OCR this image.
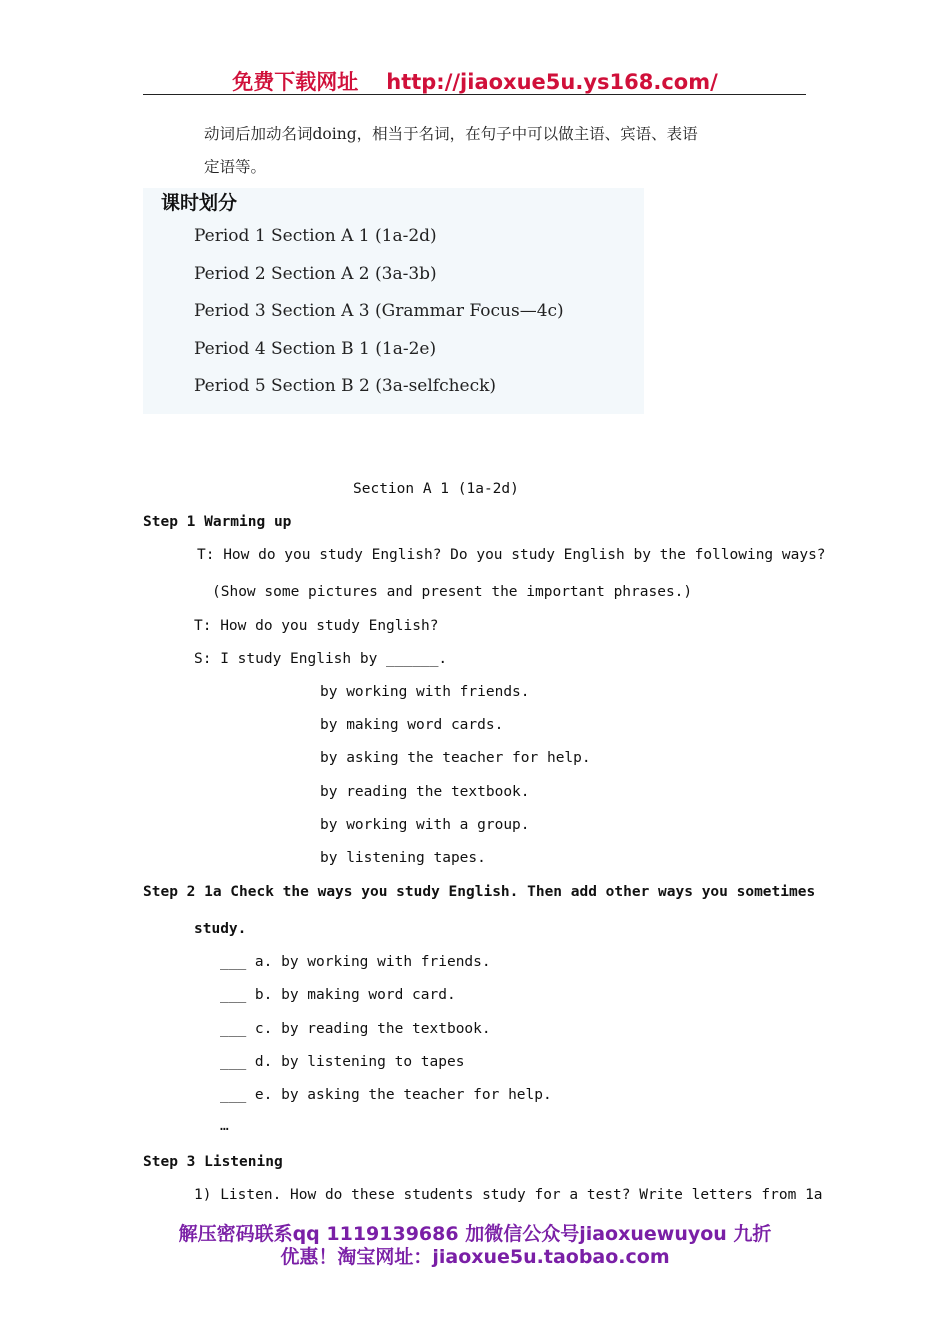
免费下载网址 http://jiaoxue5u.ys168.com/
动词后加动名词doing，相当于名词，在句子中可以做主语、宾语、表语
定语等。
课时划分
Period 1 Section A 1 (1a-2d)
Period 2 Section A 2 (3a-3b)
Period 3 Section A 3 (Grammar Focus—4c)
Period 4 Section B 1 (1a-2e)
Period 5 Section B 2 (3a-selfcheck)
Section A 1 (1a-2d)
Step 1 Warming up
T: How do you study English? Do you study English by the following ways?
(Show some pictures and present the important phrases.)
T: How do you study English?
S: I study English by ______.
by working with friends.
by making word cards.
by asking the teacher for help.
by reading the textbook.
by working with a group.
by listening tapes.
Step 2 1a Check the ways you study English. Then add other ways you sometimes
study.
___ a. by working with friends.
___ b. by making word card.
___ c. by reading the textbook.
___ d. by listening to tapes
___ e. by asking the teacher for help.
…
Step 3 Listening
1) Listen. How do these students study for a test? Write letters from 1a
解压密码联系qq 1119139686 加微信公众号jiaoxuewuyou 九折
优惠！淘宝网址：jiaoxue5u.taobao.com
